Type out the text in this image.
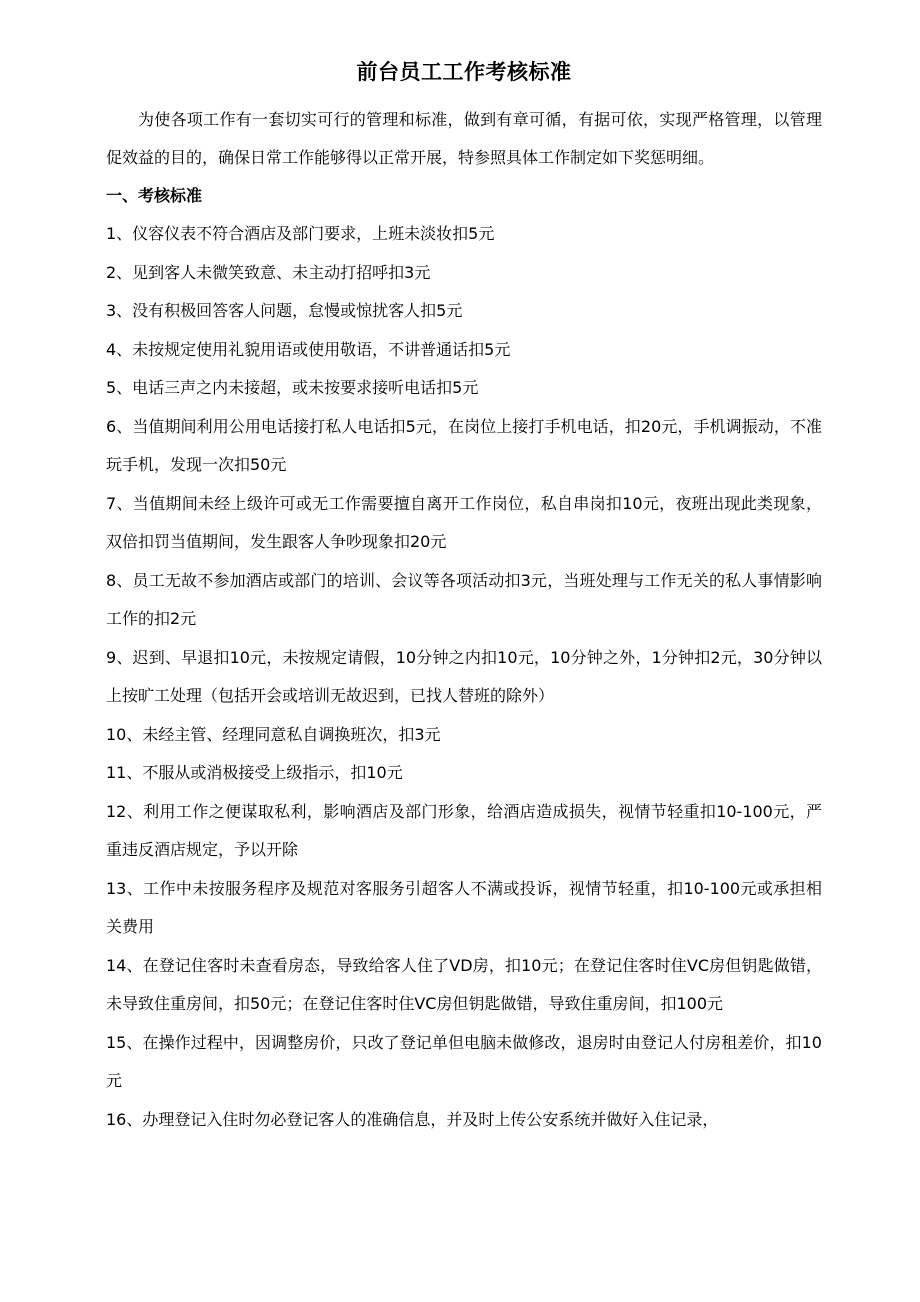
前台员工工作考核标准

为使各项工作有一套切实可行的管理和标准，做到有章可循，有据可依，实现严格管理，以管理促效益的目的，确保日常工作能够得以正常开展，特参照具体工作制定如下奖惩明细。

一、考核标准

1、仪容仪表不符合酒店及部门要求，上班未淡妆扣5元

2、见到客人未微笑致意、未主动打招呼扣3元

3、没有积极回答客人问题，怠慢或惊扰客人扣5元

4、未按规定使用礼貌用语或使用敬语，不讲普通话扣5元

5、电话三声之内未接超，或未按要求接听电话扣5元

6、当值期间利用公用电话接打私人电话扣5元，在岗位上接打手机电话，扣20元，手机调振动，不准玩手机，发现一次扣50元

7、当值期间未经上级许可或无工作需要擅自离开工作岗位，私自串岗扣10元，夜班出现此类现象，双倍扣罚当值期间，发生跟客人争吵现象扣20元

8、员工无故不参加酒店或部门的培训、会议等各项活动扣3元，当班处理与工作无关的私人事情影响工作的扣2元

9、迟到、早退扣10元，未按规定请假，10分钟之内扣10元，10分钟之外，1分钟扣2元，30分钟以上按旷工处理（包括开会或培训无故迟到，已找人替班的除外）

10、未经主管、经理同意私自调换班次，扣3元

11、不服从或消极接受上级指示，扣10元

12、利用工作之便谋取私利，影响酒店及部门形象，给酒店造成损失，视情节轻重扣10-100元，严重违反酒店规定，予以开除

13、工作中未按服务程序及规范对客服务引超客人不满或投诉，视情节轻重，扣10-100元或承担相关费用

14、在登记住客时未查看房态，导致给客人住了VD房，扣10元；在登记住客时住VC房但钥匙做错，未导致住重房间，扣50元；在登记住客时住VC房但钥匙做错，导致住重房间，扣100元

15、在操作过程中，因调整房价，只改了登记单但电脑未做修改，退房时由登记人付房租差价，扣10元

16、办理登记入住时勿必登记客人的准确信息，并及时上传公安系统并做好入住记录，
